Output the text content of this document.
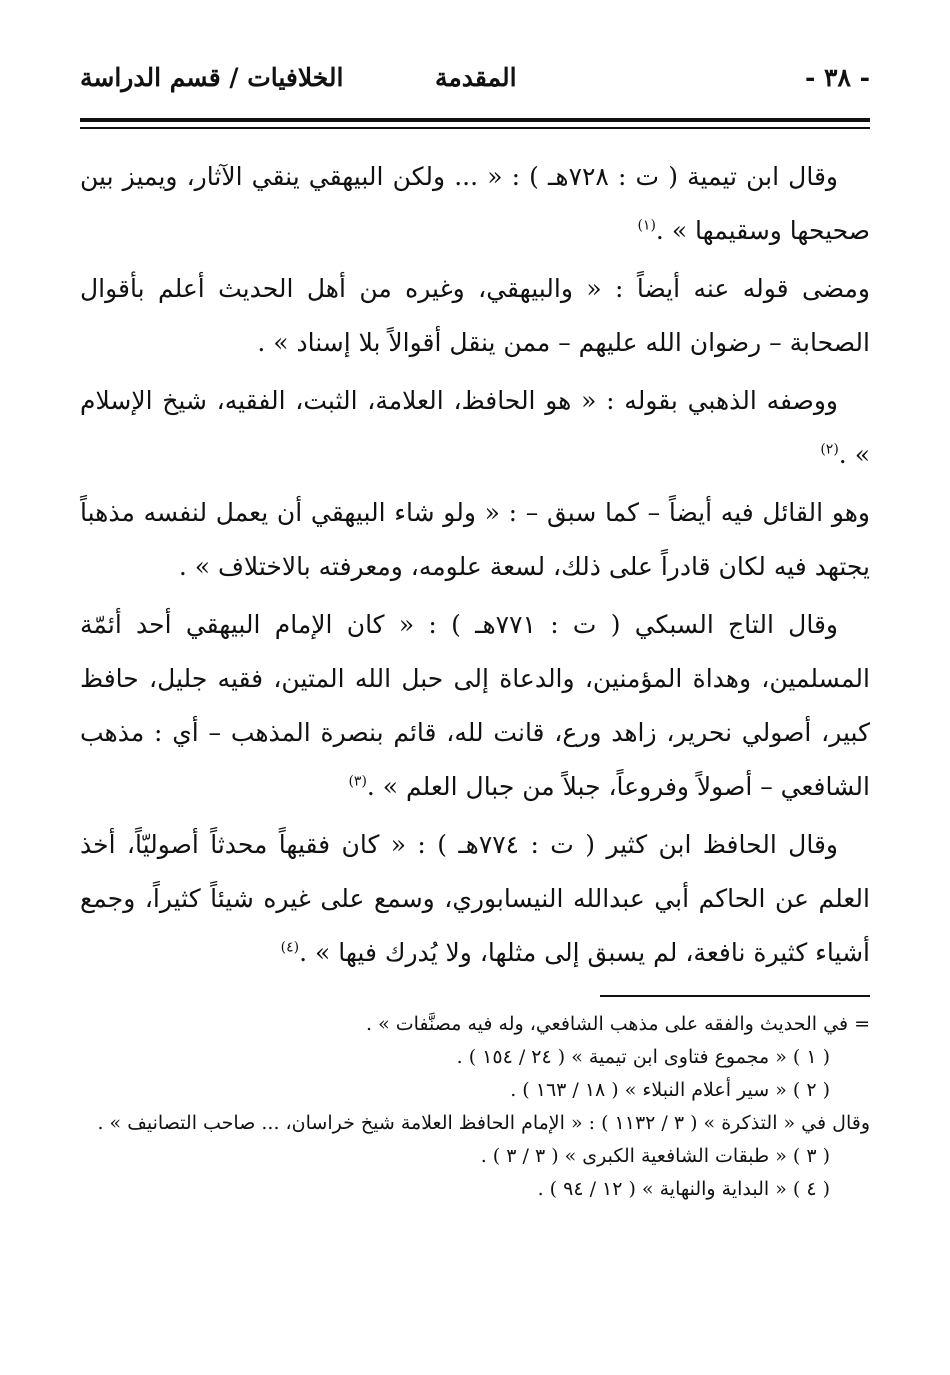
- ٣٨ -
المقدمة
الخلافيات / قسم الدراسة

وقال ابن تيمية ( ت : ٧٢٨هـ ) : « ... ولكن البيهقي ينقي الآثار، ويميز بين صحيحها وسقيمها » .$^{(١)}$

ومضى قوله عنه أيضاً : « والبيهقي، وغيره من أهل الحديث أعلم بأقوال الصحابة – رضوان الله عليهم – ممن ينقل أقوالاً بلا إسناد » .

ووصفه الذهبي بقوله : « هو الحافظ، العلامة، الثبت، الفقيه، شيخ الإسلام » .$^{(٢)}$

وهو القائل فيه أيضاً – كما سبق – : « ولو شاء البيهقي أن يعمل لنفسه مذهباً يجتهد فيه لكان قادراً على ذلك، لسعة علومه، ومعرفته بالاختلاف » .

وقال التاج السبكي ( ت : ٧٧١هـ ) : « كان الإمام البيهقي أحد أئمّة المسلمين، وهداة المؤمنين، والدعاة إلى حبل الله المتين، فقيه جليل، حافظ كبير، أصولي نحرير، زاهد ورع، قانت لله، قائم بنصرة المذهب – أي : مذهب الشافعي – أصولاً وفروعاً، جبلاً من جبال العلم » .$^{(٣)}$

وقال الحافظ ابن كثير ( ت : ٧٧٤هـ ) : « كان فقيهاً محدثاً أصوليّاً، أخذ العلم عن الحاكم أبي عبدالله النيسابوري، وسمع على غيره شيئاً كثيراً، وجمع أشياء كثيرة نافعة، لم يسبق إلى مثلها، ولا يُدرك فيها » .$^{(٤)}$

= في الحديث والفقه على مذهب الشافعي، وله فيه مصنَّفات » .
( ١ ) « مجموع فتاوى ابن تيمية » ( ٢٤ / ١٥٤ ) .
( ٢ ) « سير أعلام النبلاء » ( ١٨ / ١٦٣ ) .
وقال في « التذكرة » ( ٣ / ١١٣٢ ) : « الإمام الحافظ العلامة شيخ خراسان، ... صاحب التصانيف » .
( ٣ ) « طبقات الشافعية الكبرى » ( ٣ / ٣ ) .
( ٤ ) « البداية والنهاية » ( ١٢ / ٩٤ ) .
